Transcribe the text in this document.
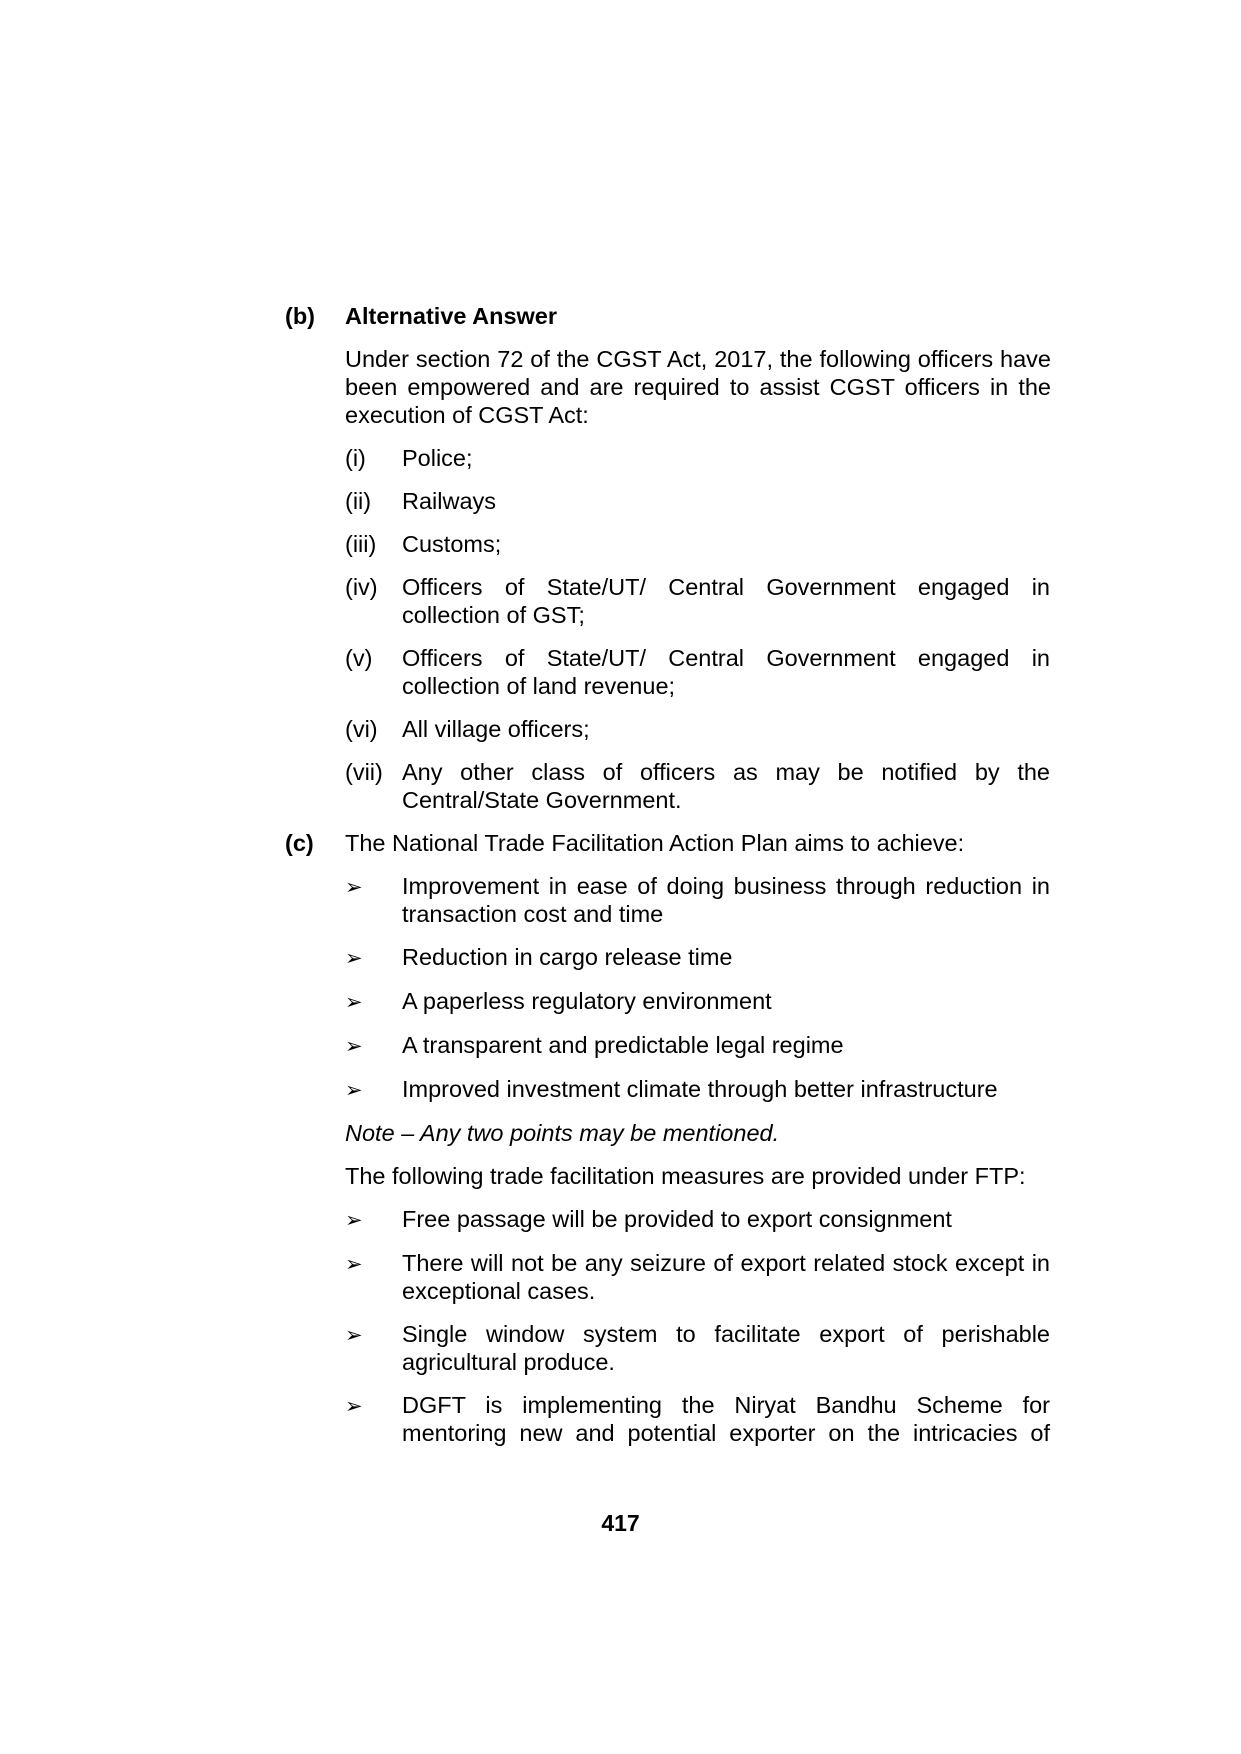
(b)	Alternative Answer
Under section 72 of the CGST Act, 2017, the following officers have been empowered and are required to assist CGST officers in the execution of CGST Act:
(i)	Police;
(ii)	Railways
(iii)	Customs;
(iv)	Officers of State/UT/ Central Government engaged in collection of GST;
(v)	Officers of State/UT/ Central Government engaged in collection of land revenue;
(vi)	All village officers;
(vii) Any other class of officers as may be notified by the Central/State Government.
(c)	The National Trade Facilitation Action Plan aims to achieve:
➢	Improvement in ease of doing business through reduction in transaction cost and time
➢	Reduction in cargo release time
➢	A paperless regulatory environment
➢	A transparent and predictable legal regime
➢	Improved investment climate through better infrastructure
Note – Any two points may be mentioned.
The following trade facilitation measures are provided under FTP:
➢	Free passage will be provided to export consignment
➢	There will not be any seizure of export related stock except in exceptional cases.
➢	Single window system to facilitate export of perishable agricultural produce.
➢	DGFT is implementing the Niryat Bandhu Scheme for mentoring new and potential exporter on the intricacies of
417
